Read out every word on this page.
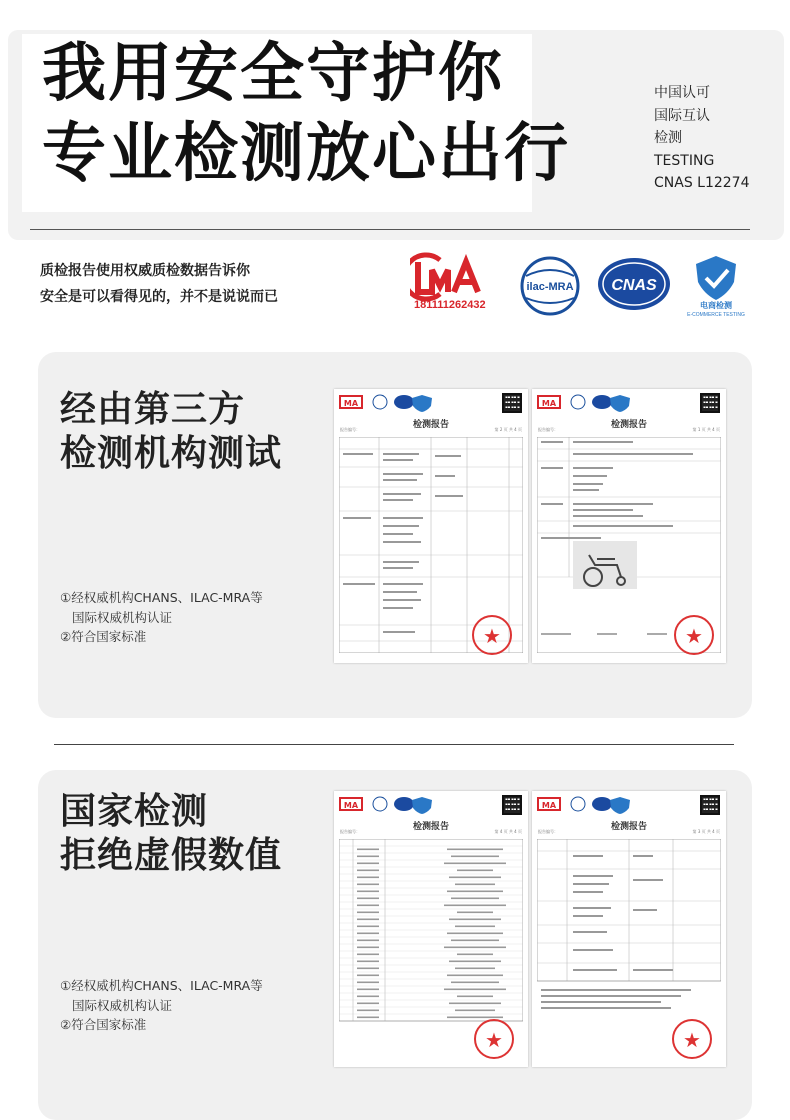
我用安全守护你
专业检测放心出行
中国认可
国际互认
检测
TESTING
CNAS L12274
质检报告使用权威质检数据告诉你
安全是可以看得见的，并不是说说而已	181111262432
ilac-MRA CNAS
电商检测
E-COMMERCE TESTING
经由第三方
检测机构测试
①经权威机构CHANS、ILAC-MRA等
国际权威机构认证
②符合国家标准
MA
检测报告
报告编号：	第 2 页 共 4 页
★
MA
检测报告
报告编号：	第 1 页 共 4 页
★
国家检测
拒绝虚假数值
①经权威机构CHANS、ILAC-MRA等
国际权威机构认证
②符合国家标准
MA
检测报告
报告编号：	第 4 页 共 4 页
★
MA
检测报告
报告编号：	第 3 页 共 4 页
★
